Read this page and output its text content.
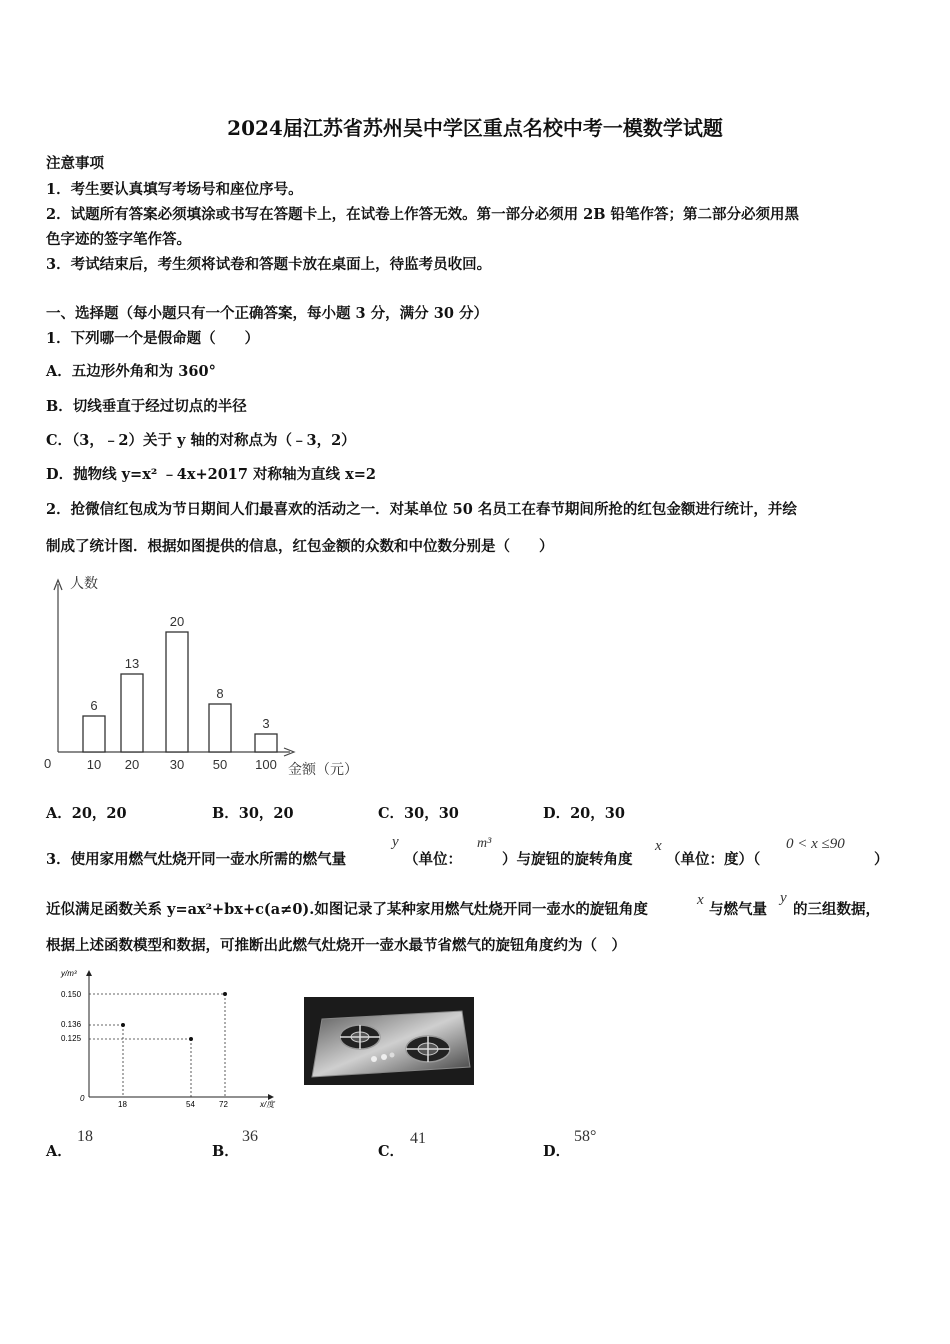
2024届江苏省苏州吴中学区重点名校中考一模数学试题
注意事项
1．考生要认真填写考场号和座位序号。
2．试题所有答案必须填涂或书写在答题卡上，在试卷上作答无效。第一部分必须用 2B 铅笔作答；第二部分必须用黑
色字迹的签字笔作答。
3．考试结束后，考生须将试卷和答题卡放在桌面上，待监考员收回。
一、选择题（每小题只有一个正确答案，每小题 3 分，满分 30 分）
1．下列哪一个是假命题（　　）
A．五边形外角和为 360°
B．切线垂直于经过切点的半径
C．（3，﹣2）关于 y 轴的对称点为（﹣3，2）
D．抛物线 y=x² ﹣4x+2017 对称轴为直线 x=2
2．抢微信红包成为节日期间人们最喜欢的活动之一．对某单位 50 名员工在春节期间所抢的红包金额进行统计，并绘
制成了统计图．根据如图提供的信息，红包金额的众数和中位数分别是（　　）
人数
金额（元）
0
6
10
13
20
20
30
8
50
3
100
A．20，20	B．30，20	C．30，30	D．20，30
3．使用家用燃气灶烧开同一壶水所需的燃气量
y
（单位：
m³
）与旋钮的旋转角度
x
（单位：度）（
0 < x ≤90
）
近似满足函数关系 y=ax²+bx+c(a≠0).如图记录了某种家用燃气灶烧开同一壶水的旋钮角度
x
与燃气量
y
的三组数据，
根据上述函数模型和数据，可推断出此燃气灶烧开一壶水最节省燃气的旋钮角度约为（　）
y/m³
x/度
0
0.150
0.136
0.125
18	54	72
A．
18
B．
36
C．
41
D．
58°
